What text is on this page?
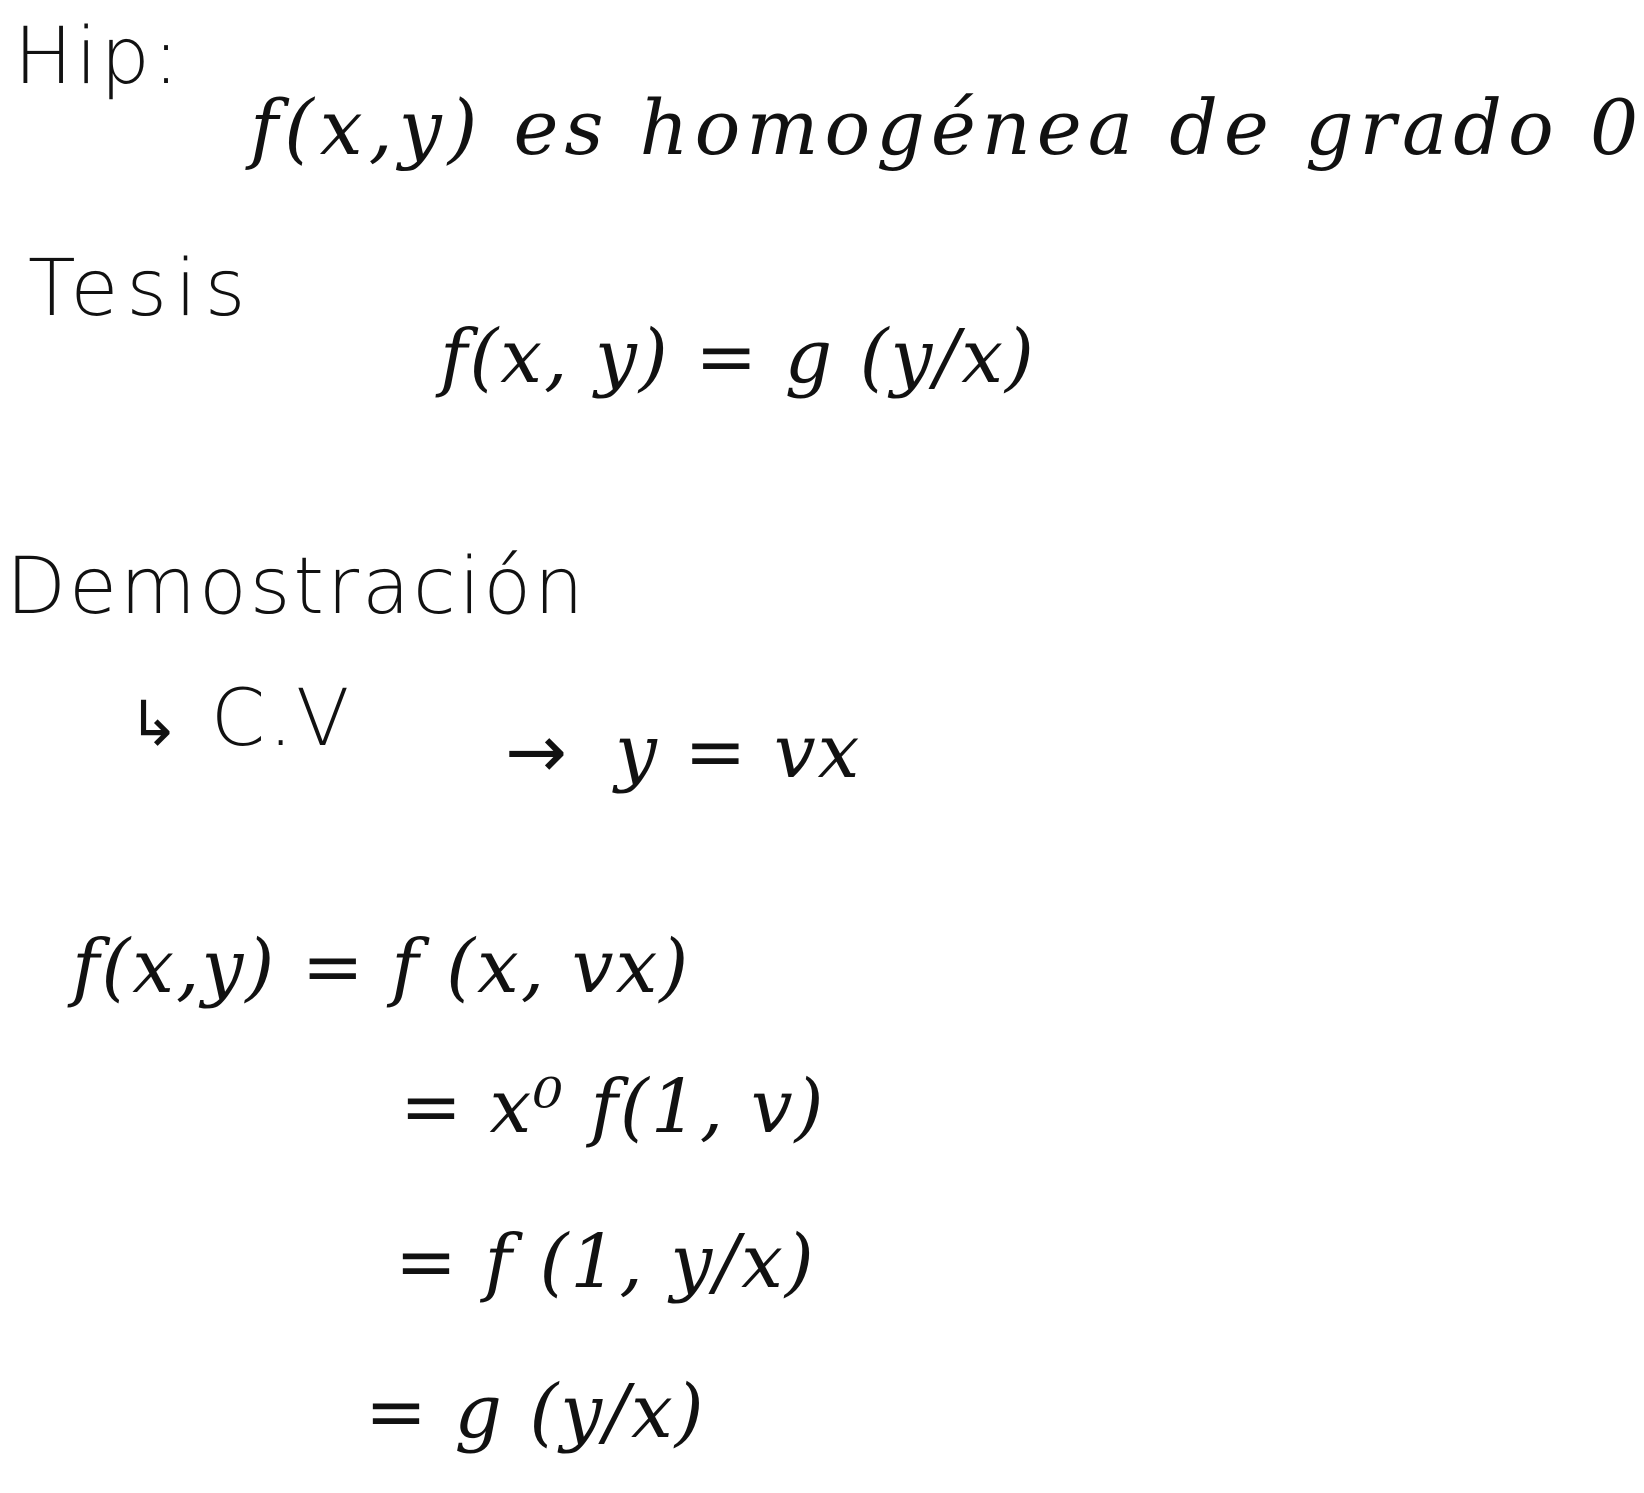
Hip:
f(x,y) es homogénea de grado 0
Tesis
f(x, y) = g (y/x)
Demostración
↳ C.V → y = vx
f(x,y) = f (x, vx)
= x⁰ f(1, v)
= f (1, y/x)
= g (y/x)
